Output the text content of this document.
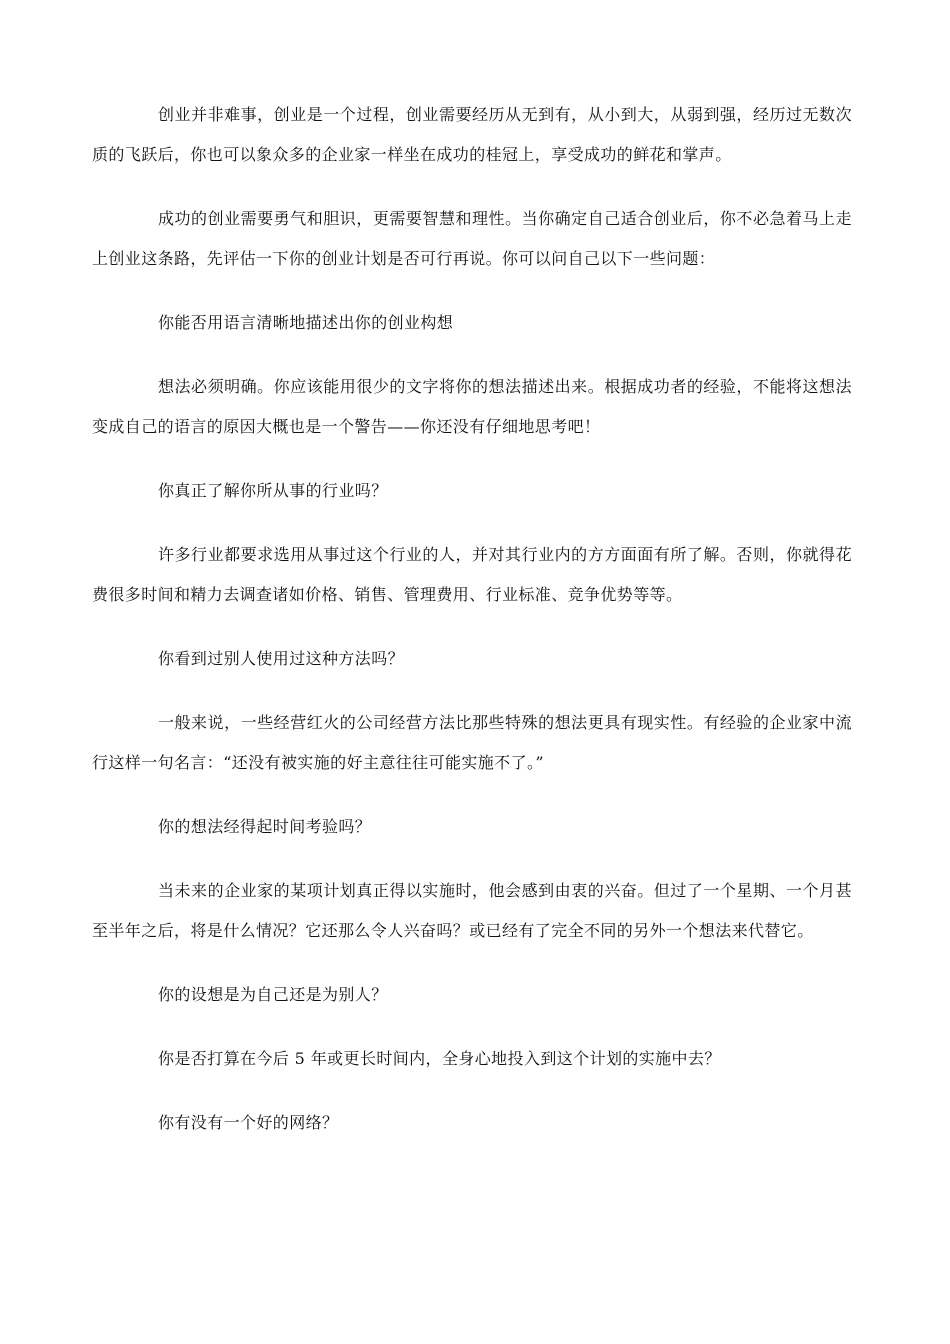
创业并非难事，创业是一个过程，创业需要经历从无到有，从小到大，从弱到强，经历过无数次质的飞跃后，你也可以象众多的企业家一样坐在成功的桂冠上，享受成功的鲜花和掌声。

成功的创业需要勇气和胆识，更需要智慧和理性。当你确定自己适合创业后，你不必急着马上走上创业这条路，先评估一下你的创业计划是否可行再说。你可以问自己以下一些问题：

你能否用语言清晰地描述出你的创业构想

想法必须明确。你应该能用很少的文字将你的想法描述出来。根据成功者的经验，不能将这想法变成自己的语言的原因大概也是一个警告——你还没有仔细地思考吧！

你真正了解你所从事的行业吗？

许多行业都要求选用从事过这个行业的人，并对其行业内的方方面面有所了解。否则，你就得花费很多时间和精力去调查诸如价格、销售、管理费用、行业标准、竞争优势等等。

你看到过别人使用过这种方法吗？

一般来说，一些经营红火的公司经营方法比那些特殊的想法更具有现实性。有经验的企业家中流行这样一句名言：“还没有被实施的好主意往往可能实施不了。”

你的想法经得起时间考验吗？

当未来的企业家的某项计划真正得以实施时，他会感到由衷的兴奋。但过了一个星期、一个月甚至半年之后，将是什么情况？它还那么令人兴奋吗？或已经有了完全不同的另外一个想法来代替它。

你的设想是为自己还是为别人？

你是否打算在今后 5 年或更长时间内，全身心地投入到这个计划的实施中去？

你有没有一个好的网络？
